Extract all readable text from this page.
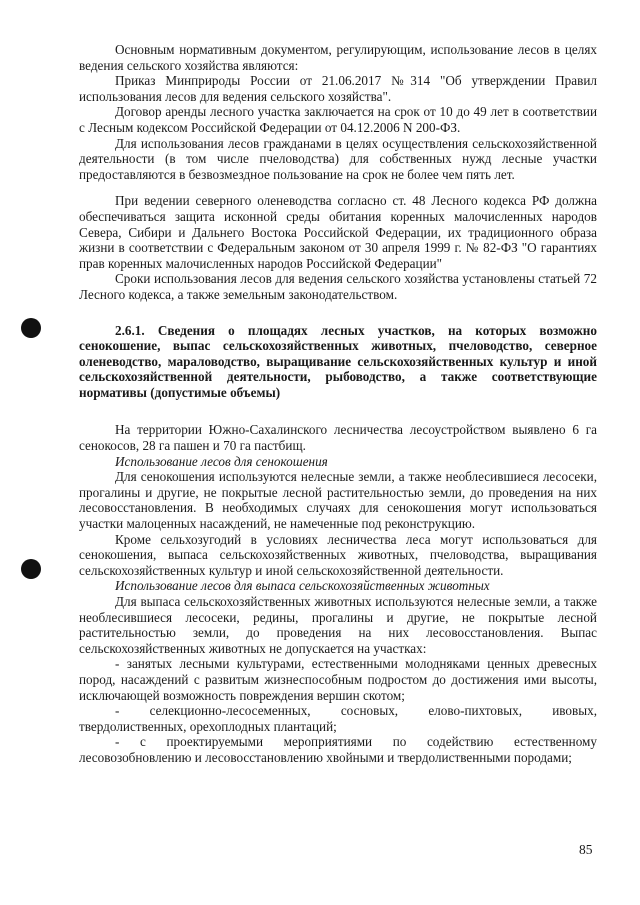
Основным нормативным документом, регулирующим, использование лесов в целях ведения сельского хозяйства являются:

Приказ Минприроды России от 21.06.2017 №314 "Об утверждении Правил использования лесов для ведения сельского хозяйства".

Договор аренды лесного участка заключается на срок от 10 до 49 лет в соответствии с Лесным кодексом Российской Федерации от 04.12.2006 N 200-ФЗ.

Для использования лесов гражданами в целях осуществления сельскохозяйственной деятельности (в том числе пчеловодства) для собственных нужд лесные участки предоставляются в безвозмездное пользование на срок не более чем пять лет.

При ведении северного оленеводства согласно ст. 48 Лесного кодекса РФ должна обеспечиваться защита исконной среды обитания коренных малочисленных народов Севера, Сибири и Дальнего Востока Российской Федерации, их традиционного образа жизни в соответствии с Федеральным законом от 30 апреля 1999 г. № 82-ФЗ "О гарантиях прав коренных малочисленных народов Российской Федерации"

Сроки использования лесов для ведения сельского хозяйства установлены статьей 72 Лесного кодекса, а также земельным законодательством.

2.6.1. Сведения о площадях лесных участков, на которых возможно сенокошение, выпас сельскохозяйственных животных, пчеловодство, северное оленеводство, мараловодство, выращивание сельскохозяйственных культур и иной сельскохозяйственной деятельности, рыбоводство, а также соответствующие нормативы (допустимые объемы)

На территории Южно-Сахалинского лесничества лесоустройством выявлено 6 га сенокосов, 28 га пашен и 70 га пастбищ.

Использование лесов для сенокошения

Для сенокошения используются нелесные земли, а также необлесившиеся лесосеки, прогалины и другие, не покрытые лесной растительностью земли, до проведения на них лесовосстановления. В необходимых случаях для сенокошения могут использоваться участки малоценных насаждений, не намеченные под реконструкцию.

Кроме сельхозугодий в условиях лесничества леса могут использоваться для сенокошения, выпаса сельскохозяйственных животных, пчеловодства, выращивания сельскохозяйственных культур и иной сельскохозяйственной деятельности.

Использование лесов для выпаса сельскохозяйственных животных

Для выпаса сельскохозяйственных животных используются нелесные земли, а также необлесившиеся лесосеки, редины, прогалины и другие, не покрытые лесной растительностью земли, до проведения на них лесовосстановления. Выпас сельскохозяйственных животных не допускается на участках:

- занятых лесными культурами, естественными молодняками ценных древесных пород, насаждений с развитым жизнеспособным подростом до достижения ими высоты, исключающей возможность повреждения вершин скотом;

- селекционно-лесосеменных, сосновых, елово-пихтовых, ивовых, твердолиственных, орехоплодных плантаций;

- с проектируемыми мероприятиями по содействию естественному лесовозобновлению и лесовосстановлению хвойными и твердолиственными породами;

85
